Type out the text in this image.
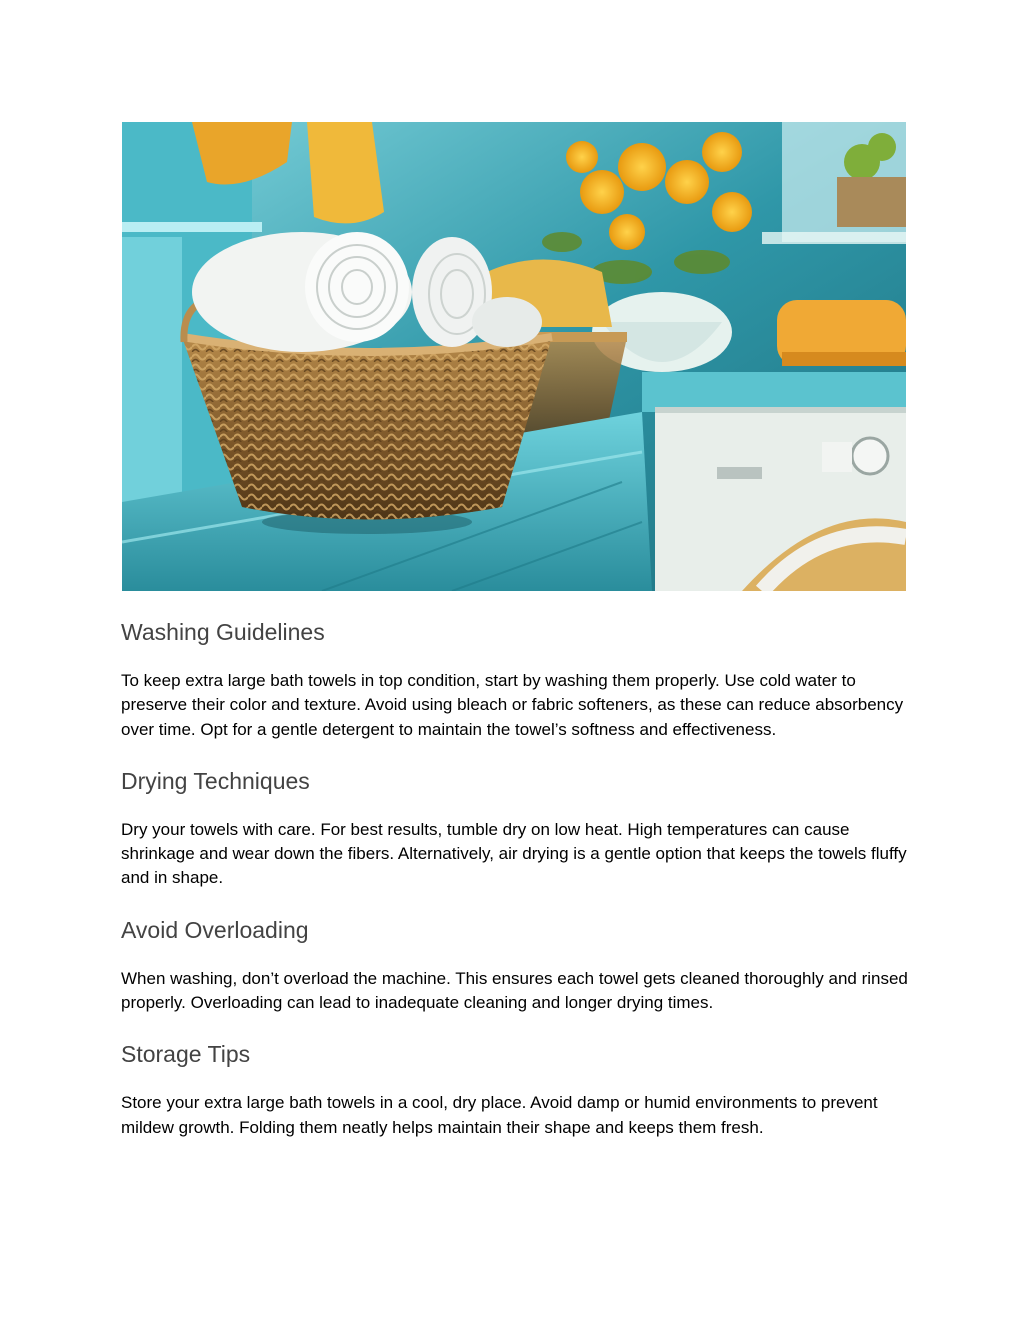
Washing Guidelines

To keep extra large bath towels in top condition, start by washing them properly. Use cold water to preserve their color and texture. Avoid using bleach or fabric softeners, as these can reduce absorbency over time. Opt for a gentle detergent to maintain the towel’s softness and effectiveness.

Drying Techniques

Dry your towels with care. For best results, tumble dry on low heat. High temperatures can cause shrinkage and wear down the fibers. Alternatively, air drying is a gentle option that keeps the towels fluffy and in shape.

Avoid Overloading

When washing, don’t overload the machine. This ensures each towel gets cleaned thoroughly and rinsed properly. Overloading can lead to inadequate cleaning and longer drying times.

Storage Tips

Store your extra large bath towels in a cool, dry place. Avoid damp or humid environments to prevent mildew growth. Folding them neatly helps maintain their shape and keeps them fresh.
